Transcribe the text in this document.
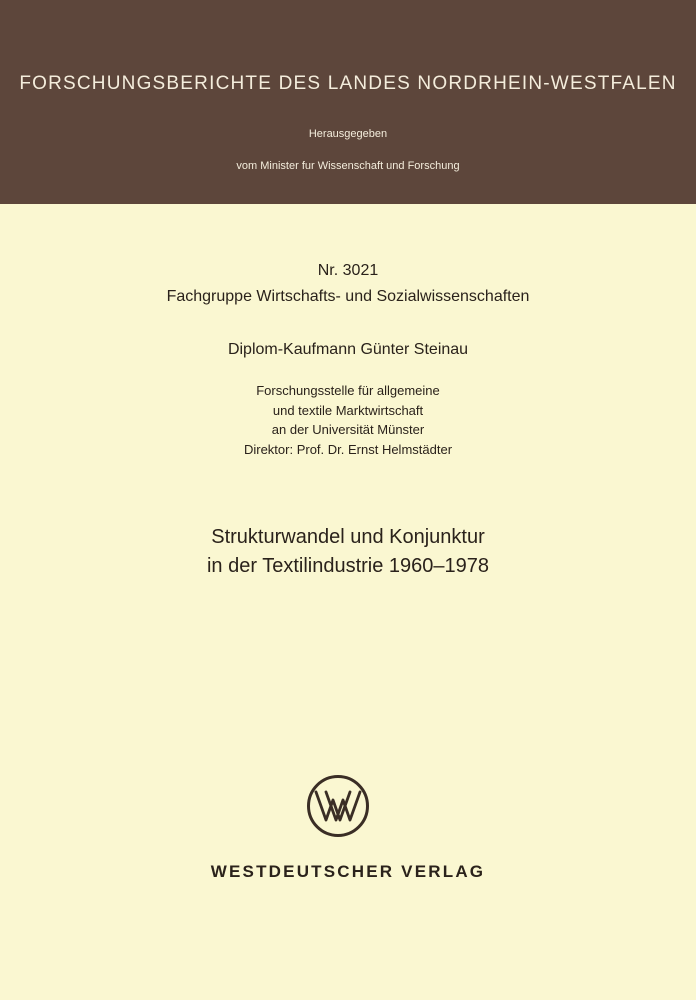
FORSCHUNGSBERICHTE DES LANDES NORDRHEIN-WESTFALEN
Herausgegeben
vom Minister fur Wissenschaft und Forschung
Nr. 3021
Fachgruppe Wirtschafts- und Sozialwissenschaften
Diplom-Kaufmann Günter Steinau
Forschungsstelle für allgemeine
und textile Marktwirtschaft
an der Universität Münster
Direktor: Prof. Dr. Ernst Helmstädter
Strukturwandel und Konjunktur
in der Textilindustrie 1960–1978
WESTDEUTSCHER VERLAG
